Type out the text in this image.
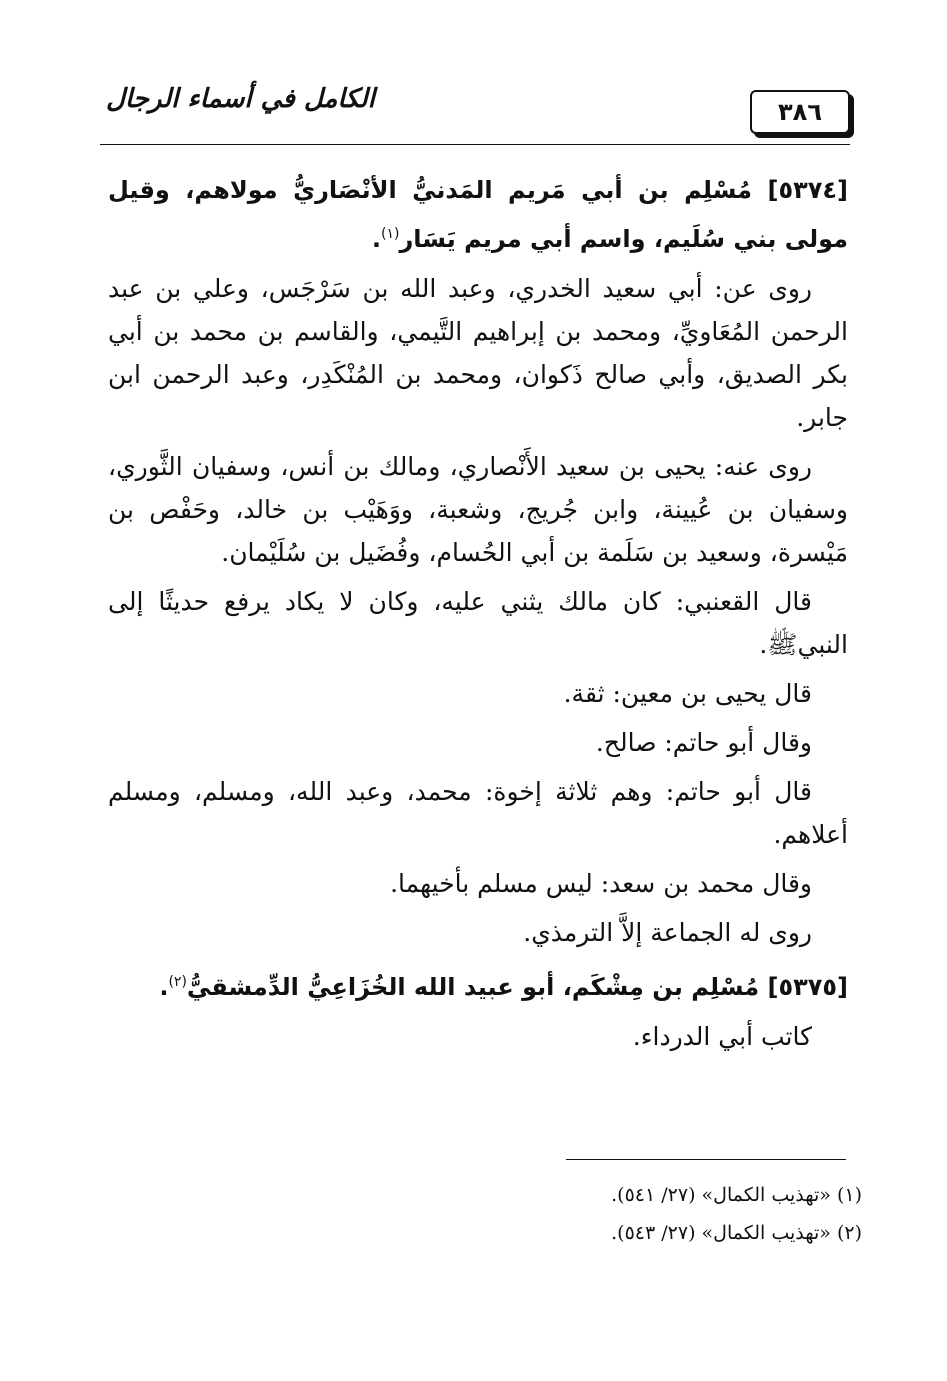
٣٨٦
الكامل في أسماء الرجال
[٥٣٧٤] مُسْلِم بن أبي مَريم المَدنيُّ الأنْصَاريُّ مولاهم، وقيل مولى بني سُلَيم، واسم أبي مريم يَسَار$^{(١)}$.

روى عن: أبي سعيد الخدري، وعبد الله بن سَرْجَس، وعلي بن عبد الرحمن المُعَاويِّ، ومحمد بن إبراهيم التَّيمي، والقاسم بن محمد بن أبي بكر الصديق، وأبي صالح ذَكوان، ومحمد بن المُنْكَدِر، وعبد الرحمن ابن جابر.

روى عنه: يحيى بن سعيد الأَنْصاري، ومالك بن أنس، وسفيان الثَّوري، وسفيان بن عُيينة، وابن جُريج، وشعبة، ووَهَيْب بن خالد، وحَفْص بن مَيْسرة، وسعيد بن سَلَمة بن أبي الحُسام، وفُضَيل بن سُلَيْمان.

قال القعنبي: كان مالك يثني عليه، وكان لا يكاد يرفع حديثًا إلى النبيﷺ.

قال يحيى بن معين: ثقة.

وقال أبو حاتم: صالح.

قال أبو حاتم: وهم ثلاثة إخوة: محمد، وعبد الله، ومسلم، ومسلم أعلاهم.

وقال محمد بن سعد: ليس مسلم بأخيهما.

روى له الجماعة إلاَّ الترمذي.

[٥٣٧٥] مُسْلِم بن مِشْكَم، أبو عبيد الله الخُزَاعِيُّ الدِّمشقيُّ$^{(٢)}$.

كاتب أبي الدرداء.

(١) «تهذيب الكمال» (٢٧/ ٥٤١).
(٢) «تهذيب الكمال» (٢٧/ ٥٤٣).
